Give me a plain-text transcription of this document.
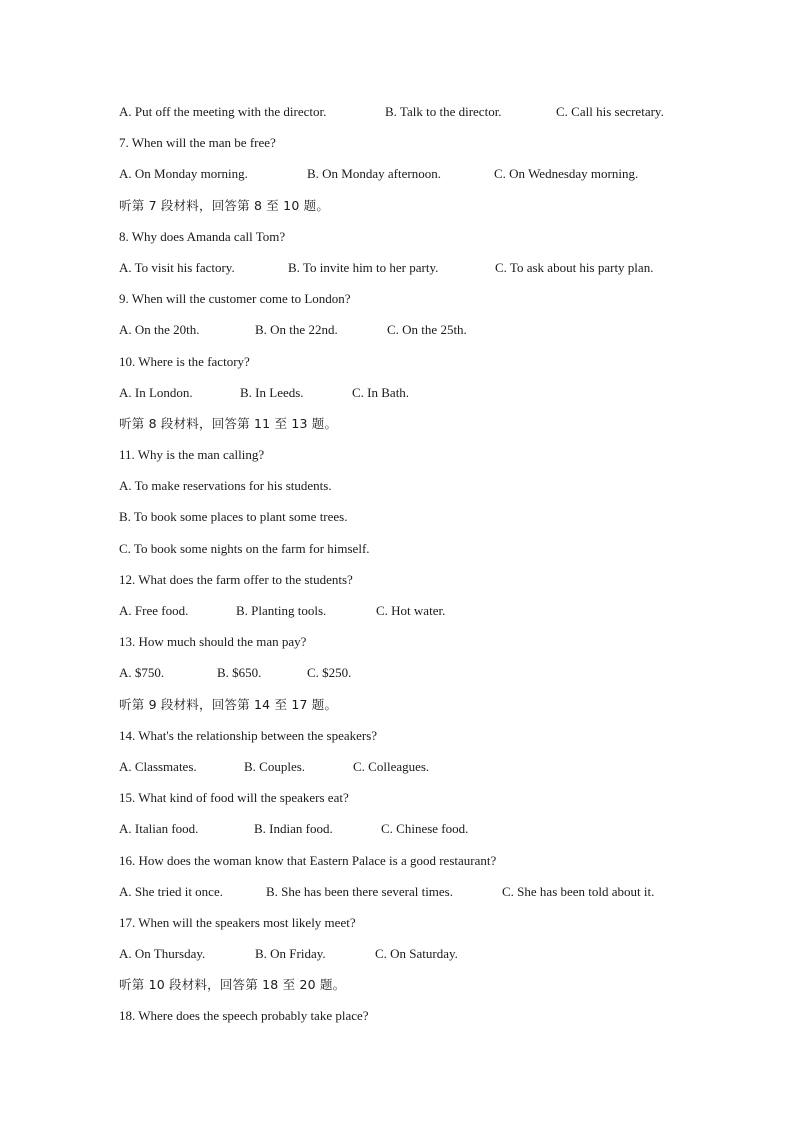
A. Put off the meeting with the director.	B. Talk to the director.	C. Call his secretary.
7. When will the man be free?
A. On Monday morning.	B. On Monday afternoon.	C. On Wednesday morning.
听第 7 段材料，回答第 8 至 10 题。
8. Why does Amanda call Tom?
A. To visit his factory.	B. To invite him to her party.	C. To ask about his party plan.
9. When will the customer come to London?
A. On the 20th.	B. On the 22nd.	C. On the 25th.
10. Where is the factory?
A. In London.	B. In Leeds.	C. In Bath.
听第 8 段材料，回答第 11 至 13 题。
11. Why is the man calling?
A. To make reservations for his students.
B. To book some places to plant some trees.
C. To book some nights on the farm for himself.
12. What does the farm offer to the students?
A. Free food.	B. Planting tools.	C. Hot water.
13. How much should the man pay?
A. $750.	B. $650.	C. $250.
听第 9 段材料，回答第 14 至 17 题。
14. What's the relationship between the speakers?
A. Classmates.	B. Couples.	C. Colleagues.
15. What kind of food will the speakers eat?
A. Italian food.	B. Indian food.	C. Chinese food.
16. How does the woman know that Eastern Palace is a good restaurant?
A. She tried it once.	B. She has been there several times.	C. She has been told about it.
17. When will the speakers most likely meet?
A. On Thursday.	B. On Friday.	C. On Saturday.
听第 10 段材料，回答第 18 至 20 题。
18. Where does the speech probably take place?
